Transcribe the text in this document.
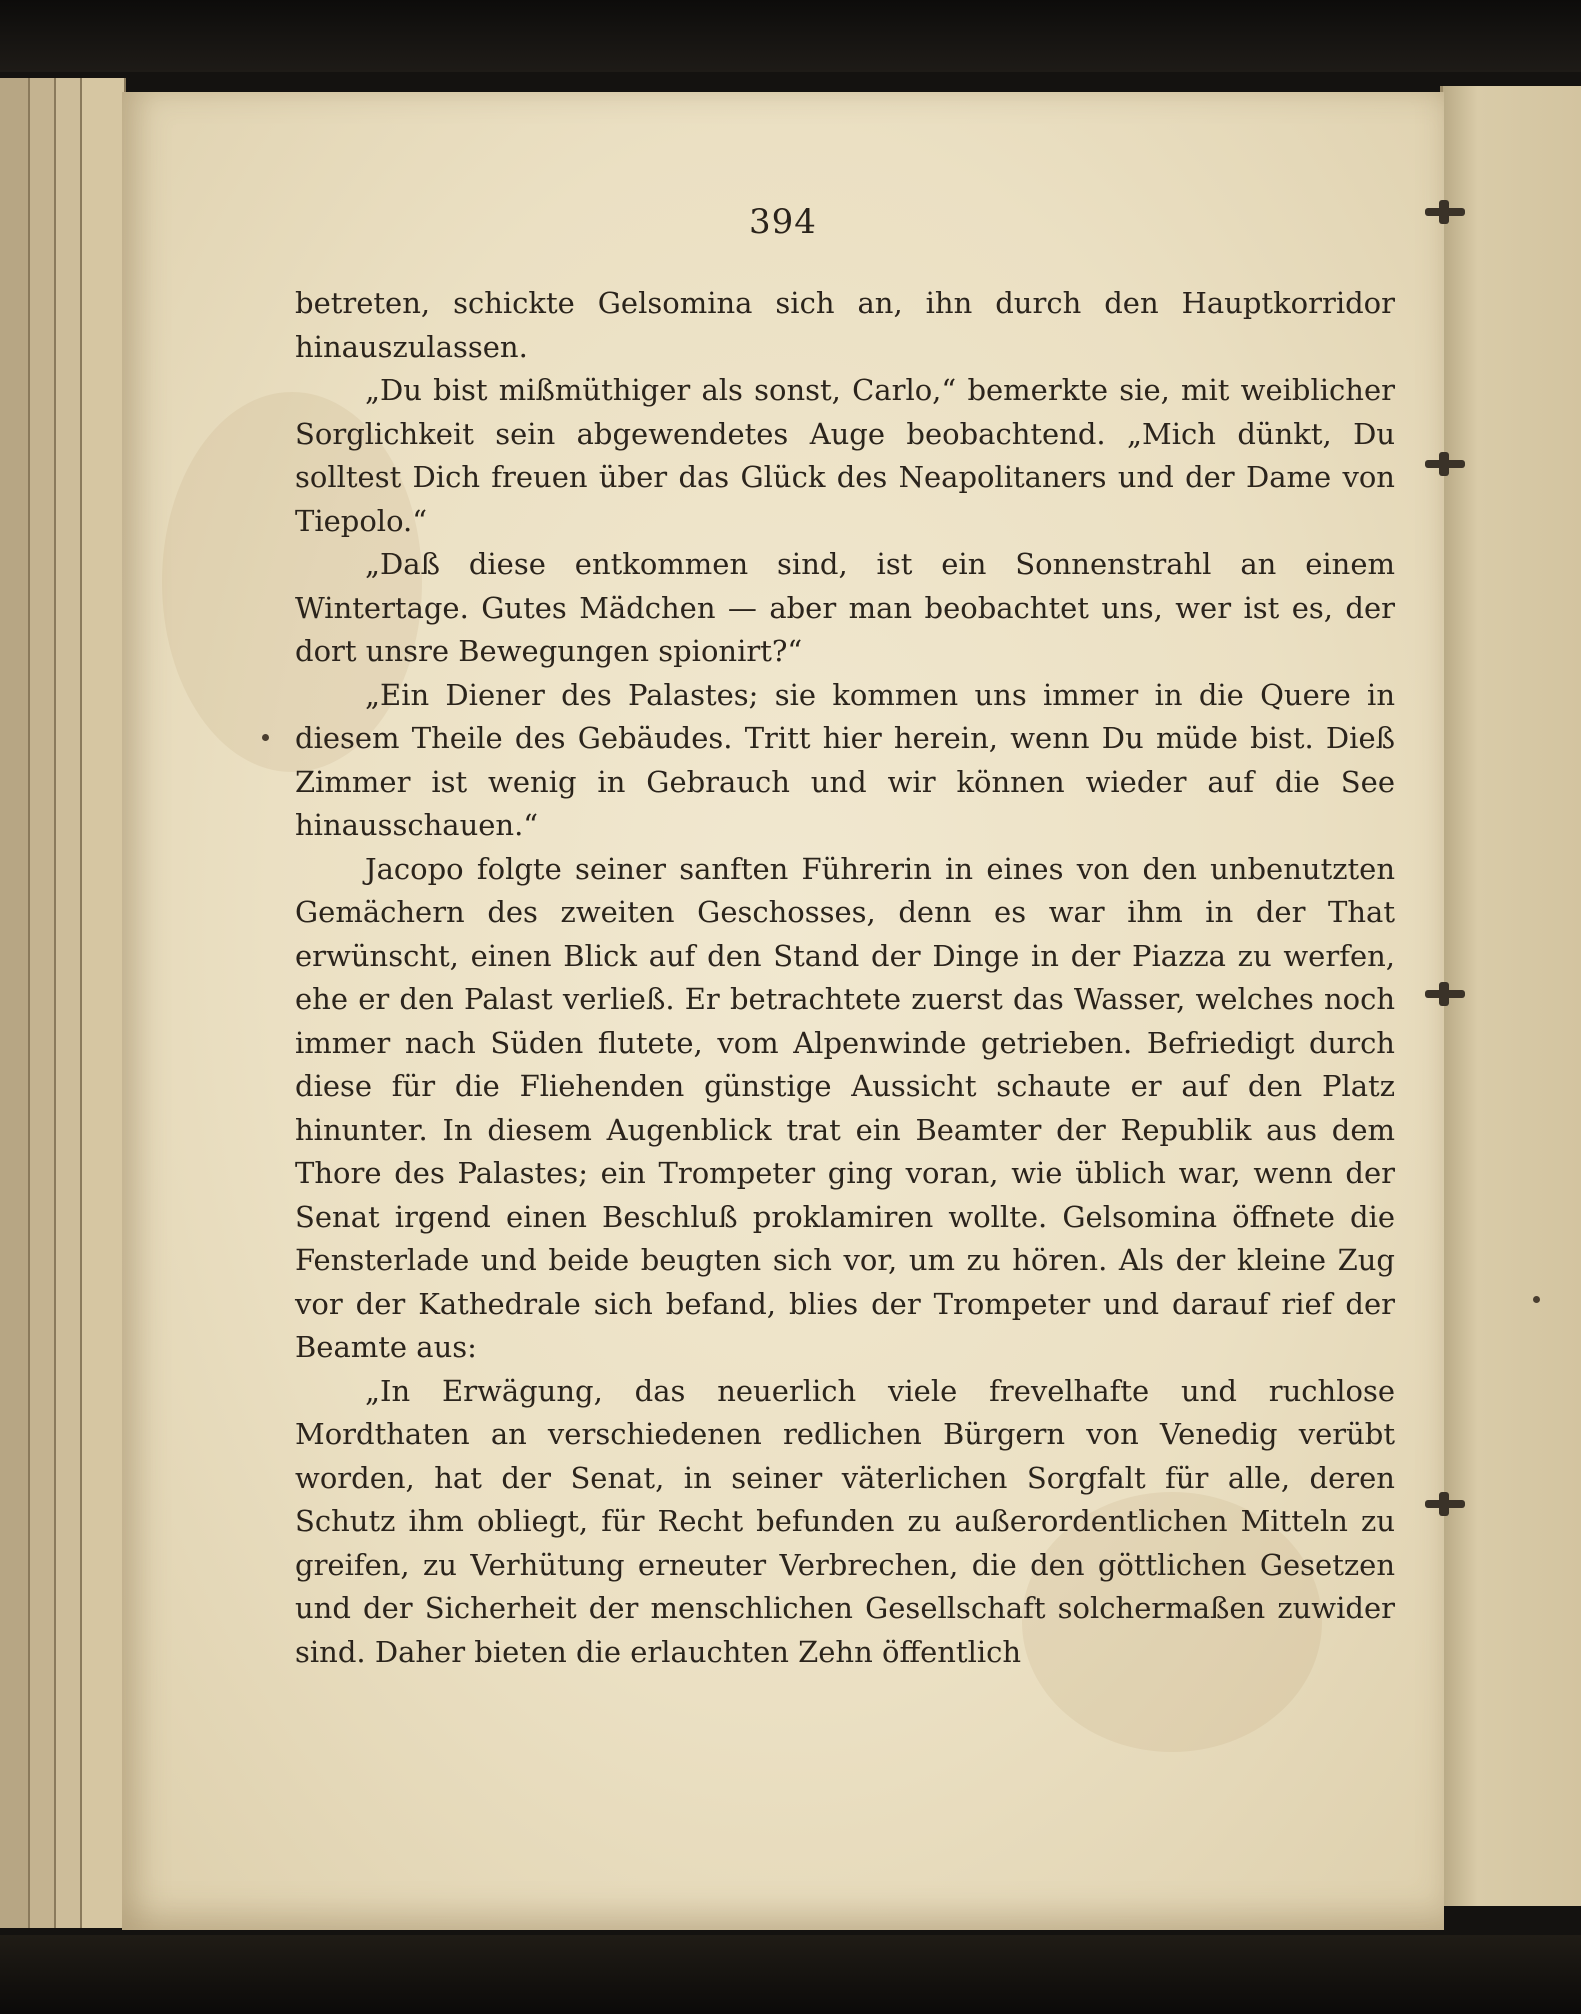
394
betreten, schickte Gelsomina sich an, ihn durch den Hauptkorridor hinauszulassen.
„Du bist mißmüthiger als sonst, Carlo,“ bemerkte sie, mit weiblicher Sorglichkeit sein abgewendetes Auge beobachtend. „Mich dünkt, Du solltest Dich freuen über das Glück des Neapolitaners und der Dame von Tiepolo.“
„Daß diese entkommen sind, ist ein Sonnenstrahl an einem Wintertage. Gutes Mädchen — aber man beobachtet uns, wer ist es, der dort unsre Bewegungen spionirt?“
„Ein Diener des Palastes; sie kommen uns immer in die Quere in diesem Theile des Gebäudes. Tritt hier herein, wenn Du müde bist. Dieß Zimmer ist wenig in Gebrauch und wir können wieder auf die See hinausschauen.“
Jacopo folgte seiner sanften Führerin in eines von den unbenutzten Gemächern des zweiten Geschosses, denn es war ihm in der That erwünscht, einen Blick auf den Stand der Dinge in der Piazza zu werfen, ehe er den Palast verließ. Er betrachtete zuerst das Wasser, welches noch immer nach Süden flutete, vom Alpenwinde getrieben. Befriedigt durch diese für die Fliehenden günstige Aussicht schaute er auf den Platz hinunter. In diesem Augenblick trat ein Beamter der Republik aus dem Thore des Palastes; ein Trompeter ging voran, wie üblich war, wenn der Senat irgend einen Beschluß proklamiren wollte. Gelsomina öffnete die Fensterlade und beide beugten sich vor, um zu hören. Als der kleine Zug vor der Kathedrale sich befand, blies der Trompeter und darauf rief der Beamte aus:
„In Erwägung, das neuerlich viele frevelhafte und ruchlose Mordthaten an verschiedenen redlichen Bürgern von Venedig verübt worden, hat der Senat, in seiner väterlichen Sorgfalt für alle, deren Schutz ihm obliegt, für Recht befunden zu außerordentlichen Mitteln zu greifen, zu Verhütung erneuter Verbrechen, die den göttlichen Gesetzen und der Sicherheit der menschlichen Gesellschaft solchermaßen zuwider sind. Daher bieten die erlauchten Zehn öffentlich
